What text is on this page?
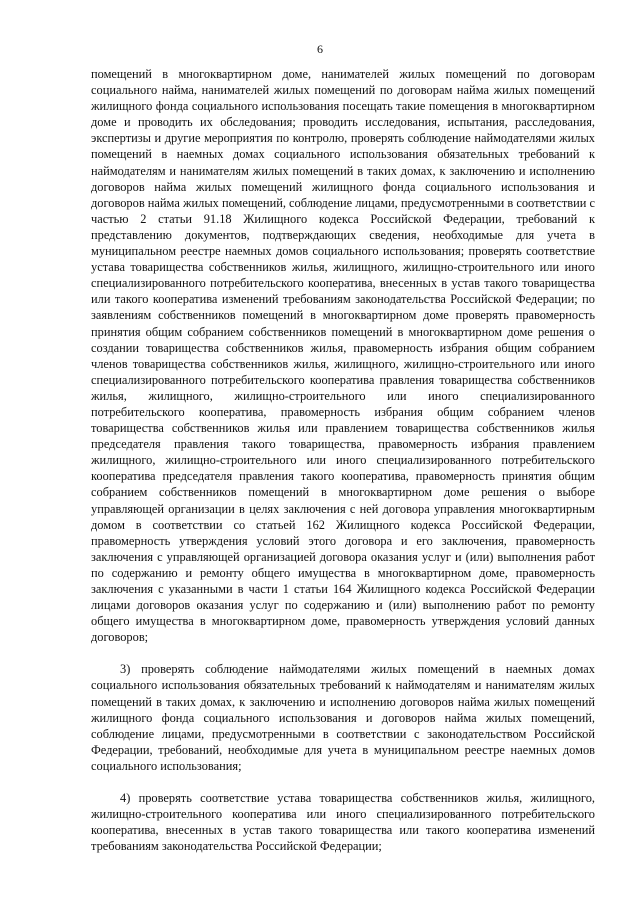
6

помещений в многоквартирном доме, нанимателей жилых помещений по договорам социального найма, нанимателей жилых помещений по договорам найма жилых помещений жилищного фонда социального использования посещать такие помещения в многоквартирном доме и проводить их обследования; проводить исследования, испытания, расследования, экспертизы и другие мероприятия по контролю, проверять соблюдение наймодателями жилых помещений в наемных домах социального использования обязательных требований к наймодателям и нанимателям жилых помещений в таких домах, к заключению и исполнению договоров найма жилых помещений жилищного фонда социального использования и договоров найма жилых помещений, соблюдение лицами, предусмотренными в соответствии с частью 2 статьи 91.18 Жилищного кодекса Российской Федерации, требований к представлению документов, подтверждающих сведения, необходимые для учета в муниципальном реестре наемных домов социального использования; проверять соответствие устава товарищества собственников жилья, жилищного, жилищно-строительного или иного специализированного потребительского кооператива, внесенных в устав такого товарищества или такого кооператива изменений требованиям законодательства Российской Федерации; по заявлениям собственников помещений в многоквартирном доме проверять правомерность принятия общим собранием собственников помещений в многоквартирном доме решения о создании товарищества собственников жилья, правомерность избрания общим собранием членов товарищества собственников жилья, жилищного, жилищно-строительного или иного специализированного потребительского кооператива правления товарищества собственников жилья, жилищного, жилищно-строительного или иного специализированного потребительского кооператива, правомерность избрания общим собранием членов товарищества собственников жилья или правлением товарищества собственников жилья председателя правления такого товарищества, правомерность избрания правлением жилищного, жилищно-строительного или иного специализированного потребительского кооператива председателя правления такого кооператива, правомерность принятия общим собранием собственников помещений в многоквартирном доме решения о выборе управляющей организации в целях заключения с ней договора управления многоквартирным домом в соответствии со статьей 162 Жилищного кодекса Российской Федерации, правомерность утверждения условий этого договора и его заключения, правомерность заключения с управляющей организацией договора оказания услуг и (или) выполнения работ по содержанию и ремонту общего имущества в многоквартирном доме, правомерность заключения с указанными в части 1 статьи 164 Жилищного кодекса Российской Федерации лицами договоров оказания услуг по содержанию и (или) выполнению работ по ремонту общего имущества в многоквартирном доме, правомерность утверждения условий данных договоров;

3) проверять соблюдение наймодателями жилых помещений в наемных домах социального использования обязательных требований к наймодателям и нанимателям жилых помещений в таких домах, к заключению и исполнению договоров найма жилых помещений жилищного фонда социального использования и договоров найма жилых помещений, соблюдение лицами, предусмотренными в соответствии с законодательством Российской Федерации, требований, необходимые для учета в муниципальном реестре наемных домов социального использования;

4) проверять соответствие устава товарищества собственников жилья, жилищного, жилищно-строительного кооператива или иного специализированного потребительского кооператива, внесенных в устав такого товарищества или такого кооператива изменений требованиям законодательства Российской Федерации;
